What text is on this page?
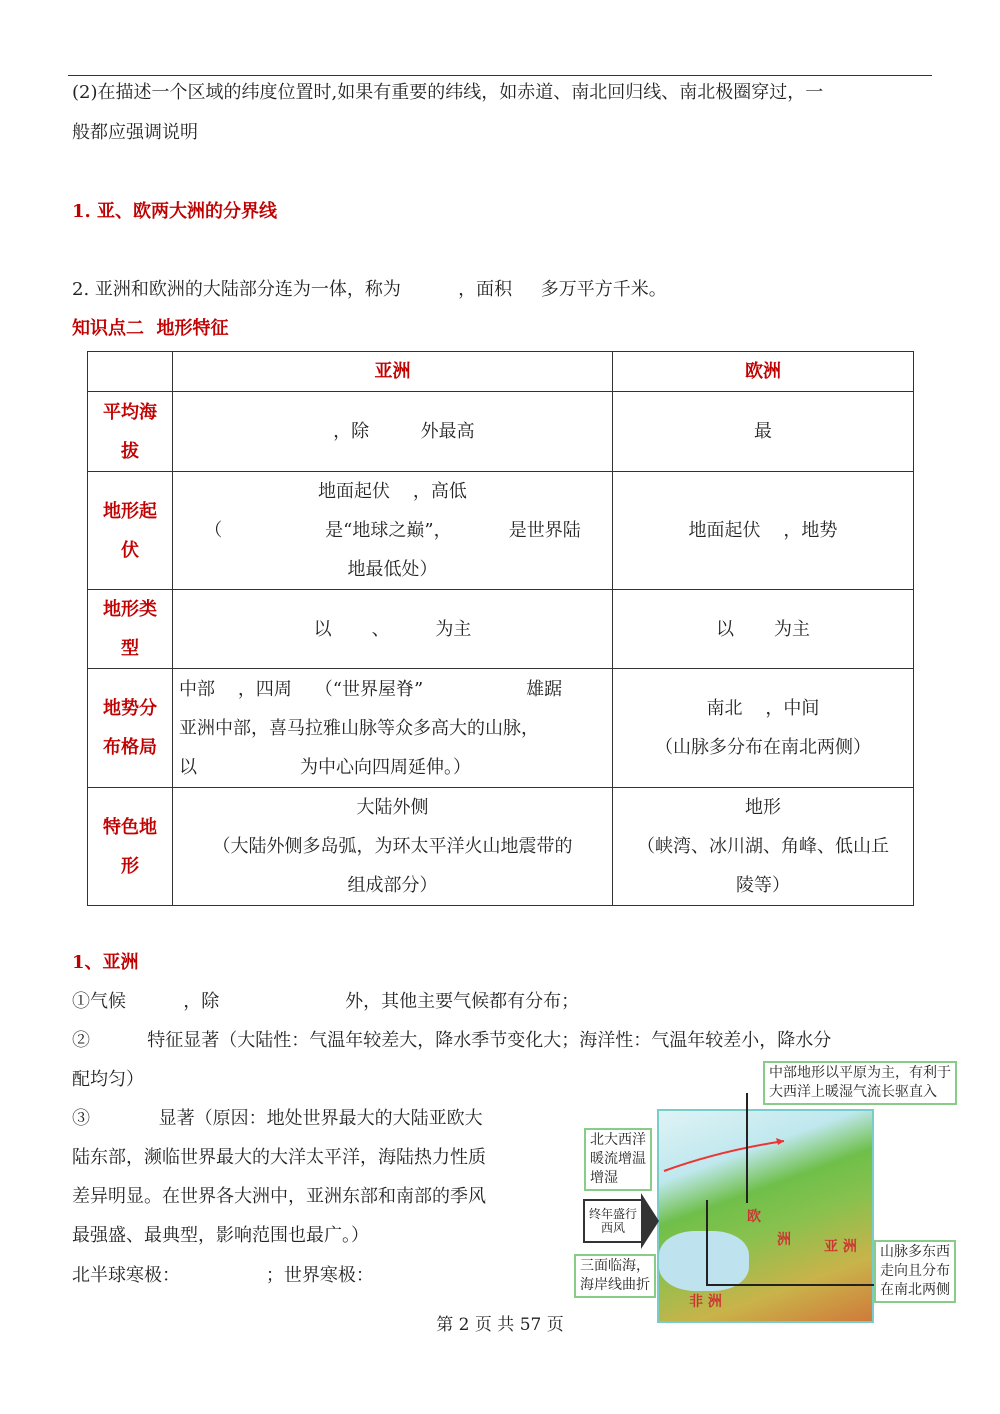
(2)在描述一个区域的纬度位置时,如果有重要的纬线，如赤道、南北回归线、南北极圈穿过，一
般都应强调说明
1. 亚、欧两大洲的分界线
2. 亚洲和欧洲的大陆部分连为一体，称为          ，面积     多万平方千米。
知识点二  地形特征
	亚洲	欧洲
平均海
拔	，除         外最高	最
地形起
伏	地面起伏    ，高低
（                  是“地球之巅”，          是世界陆
地最低处）	地面起伏    ，地势
地形类
型	以       、        为主	以       为主
地势分
布格局	中部    ，四周    （“世界屋脊”                  雄踞
亚洲中部，喜马拉雅山脉等众多高大的山脉，
以                  为中心向四周延伸。）	南北    ，中间
（山脉多分布在南北两侧）
特色地
形	大陆外侧
（大陆外侧多岛弧，为环太平洋火山地震带的
组成部分）	地形
（峡湾、冰川湖、角峰、低山丘
陵等）
1、亚洲
①气候          ，除                      外，其他主要气候都有分布；
②          特征显著（大陆性：气温年较差大，降水季节变化大；海洋性：气温年较差小，降水分
配均匀）
③            显著（原因：地处世界最大的大陆亚欧大
陆东部，濒临世界最大的大洋太平洋，海陆热力性质
差异明显。在世界各大洲中，亚洲东部和南部的季风
最强盛、最典型，影响范围也最广。）
北半球寒极：               ；世界寒极：
欧
洲 亚 洲
非 洲
中部地形以平原为主，有利于
大西洋上暖湿气流长驱直入
北大西洋
暖流增温
增湿
终年盛行 西风
三面临海，
海岸线曲折
山脉多东西
走向且分布
在南北两侧
第 2 页 共 57 页
